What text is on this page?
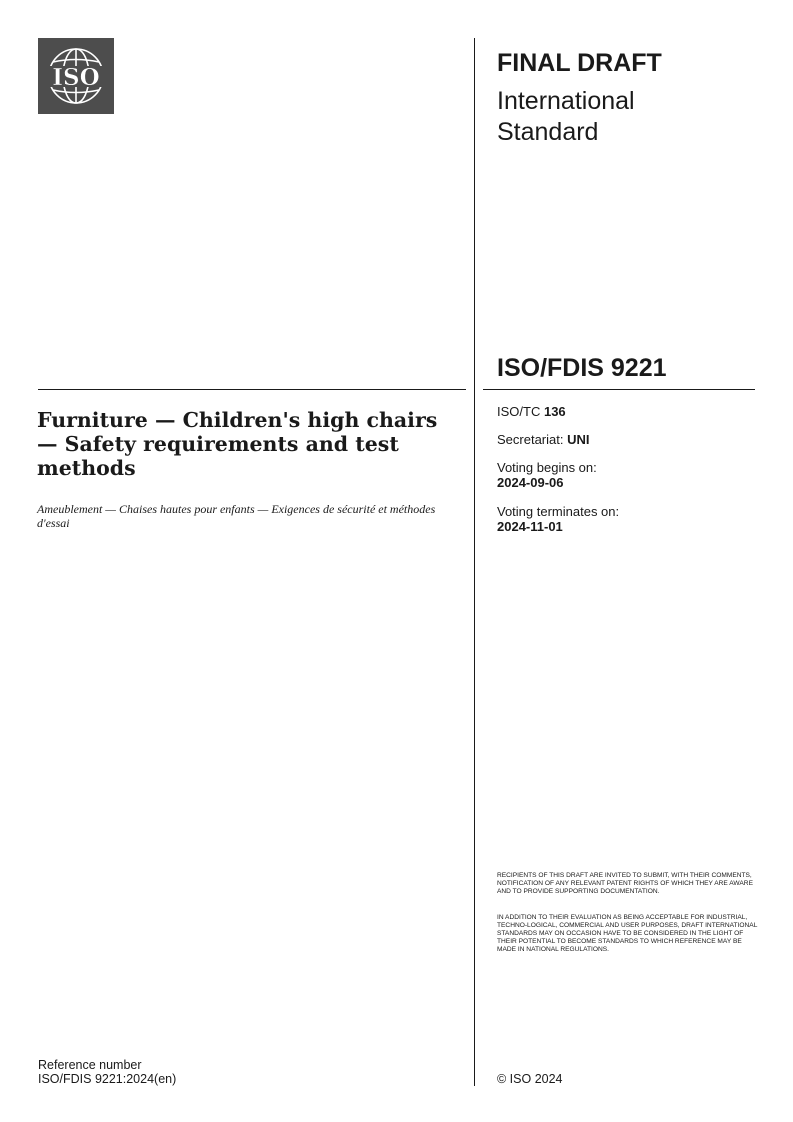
ISO
FINAL DRAFT
International Standard
ISO/FDIS 9221
ISO/TC 136
Secretariat: UNI
Voting begins on:
2024-09-06
Voting terminates on:
2024-11-01
Furniture — Children's high chairs — Safety requirements and test methods
Ameublement — Chaises hautes pour enfants — Exigences de sécurité et méthodes d'essai
RECIPIENTS OF THIS DRAFT ARE INVITED TO SUBMIT, WITH THEIR COMMENTS, NOTIFICATION OF ANY RELEVANT PATENT RIGHTS OF WHICH THEY ARE AWARE AND TO PROVIDE SUPPORTING DOCUMENTATION.
IN ADDITION TO THEIR EVALUATION AS BEING ACCEPTABLE FOR INDUSTRIAL, TECHNO-LOGICAL, COMMERCIAL AND USER PURPOSES, DRAFT INTERNATIONAL STANDARDS MAY ON OCCASION HAVE TO BE CONSIDERED IN THE LIGHT OF THEIR POTENTIAL TO BECOME STANDARDS TO WHICH REFERENCE MAY BE MADE IN NATIONAL REGULATIONS.
Reference number
ISO/FDIS 9221:2024(en)	© ISO 2024
